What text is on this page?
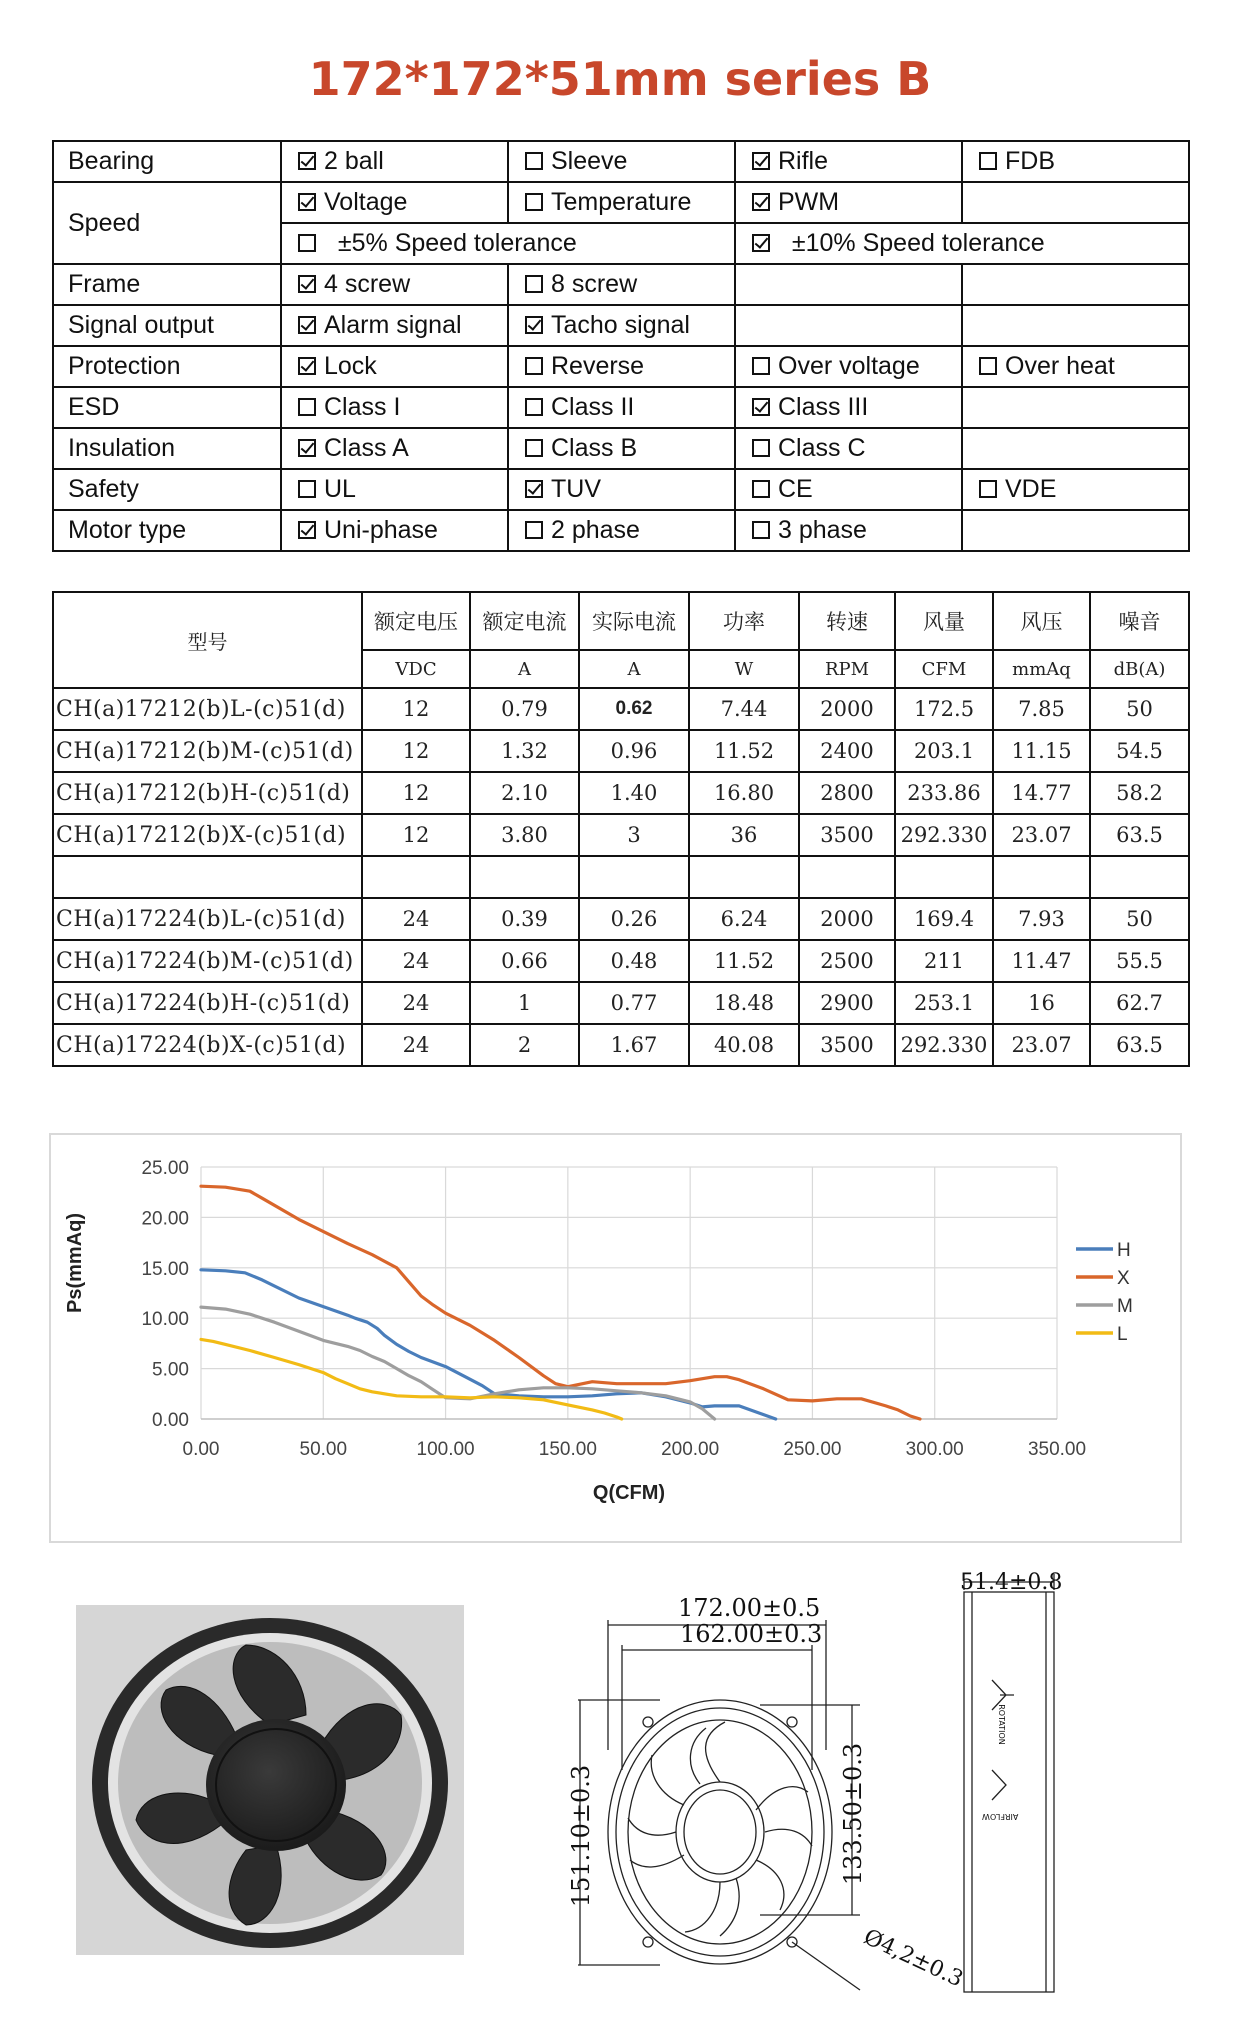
172*172*51mm series B
Bearing	2 ball	Sleeve	Rifle	FDB
Speed	Voltage	Temperature	PWM	
	±5% Speed tolerance		±10% Speed tolerance	
Frame	4 screw	8 screw		
Signal output	Alarm signal	Tacho signal		
Protection	Lock	Reverse	Over voltage	Over heat
ESD	Class I	Class II	Class III	
Insulation	Class A	Class B	Class C	
Safety	UL	TUV	CE	VDE
Motor type	Uni-phase	2 phase	3 phase	
型号	额定电压	额定电流	实际电流	功率	转速	风量	风压	噪音
	VDC	A	A	W	RPM	CFM	mmAq	dB(A)
CH(a)17212(b)L-(c)51(d)	12	0.79	0.62	7.44	2000	172.5	7.85	50
CH(a)17212(b)M-(c)51(d)	12	1.32	0.96	11.52	2400	203.1	11.15	54.5
CH(a)17212(b)H-(c)51(d)	12	2.10	1.40	16.80	2800	233.86	14.77	58.2
CH(a)17212(b)X-(c)51(d)	12	3.80	3	36	3500	292.330	23.07	63.5

CH(a)17224(b)L-(c)51(d)	24	0.39	0.26	6.24	2000	169.4	7.93	50
CH(a)17224(b)M-(c)51(d)	24	0.66	0.48	11.52	2500	211	11.47	55.5
CH(a)17224(b)H-(c)51(d)	24	1	0.77	18.48	2900	253.1	16	62.7
CH(a)17224(b)X-(c)51(d)	24	2	1.67	40.08	3500	292.330	23.07	63.5
0.00	50.00	100.00	150.00	200.00	250.00	300.00	350.00
0.00
5.00
10.00
15.00
20.00
25.00
Q(CFM)
Ps(mmAq)	H
X
M
L
172.00±0.5
162.00±0.3
151.10±0.3	133.50±0.3
51.4±0.8
Ø4,2±0.3
ROTATION
AIRFLOW
